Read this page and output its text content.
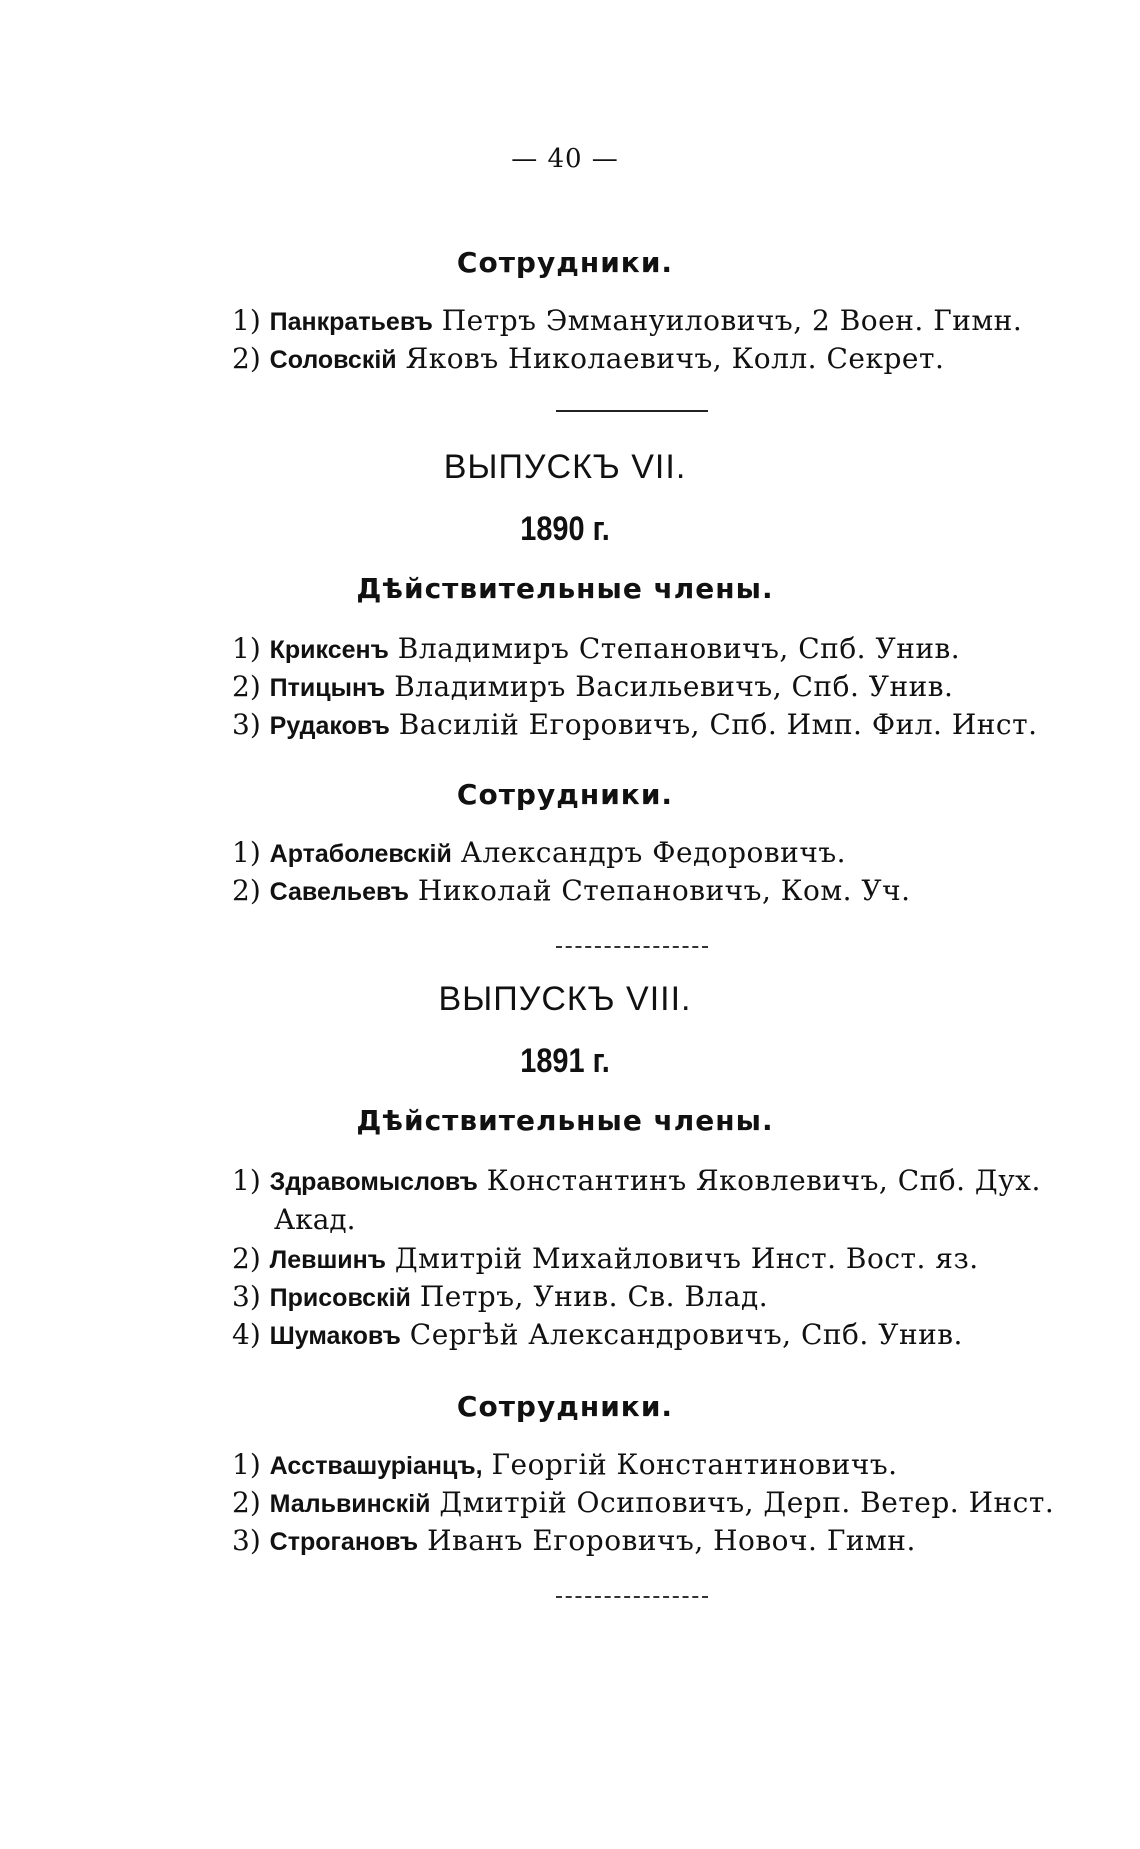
— 40 —
Сотрудники.
1) Панкратьевъ Петръ Эммануиловичъ, 2 Воен. Гимн.
2) Соловскій Яковъ Николаевичъ, Колл. Секрет.
ВЫПУСКЪ VII.
1890 г.
Дѣйствительные члены.
1) Криксенъ Владимиръ Степановичъ, Спб. Унив.
2) Птицынъ Владимиръ Васильевичъ, Спб. Унив.
3) Рудаковъ Василій Егоровичъ, Спб. Имп. Фил. Инст.
Сотрудники.
1) Артаболевскій Александръ Федоровичъ.
2) Савельевъ Николай Степановичъ, Ком. Уч.
ВЫПУСКЪ VIII.
1891 г.
Дѣйствительные члены.
1) Здравомысловъ Константинъ Яковлевичъ, Спб. Дух.
Акад.
2) Левшинъ Дмитрій Михайловичъ Инст. Вост. яз.
3) Присовскій Петръ, Унив. Св. Влад.
4) Шумаковъ Сергѣй Александровичъ, Спб. Унив.
Сотрудники.
1) Асствашуріанцъ, Георгій Константиновичъ.
2) Мальвинскій Дмитрій Осиповичъ, Дерп. Ветер. Инст.
3) Строгановъ Иванъ Егоровичъ, Новоч. Гимн.
